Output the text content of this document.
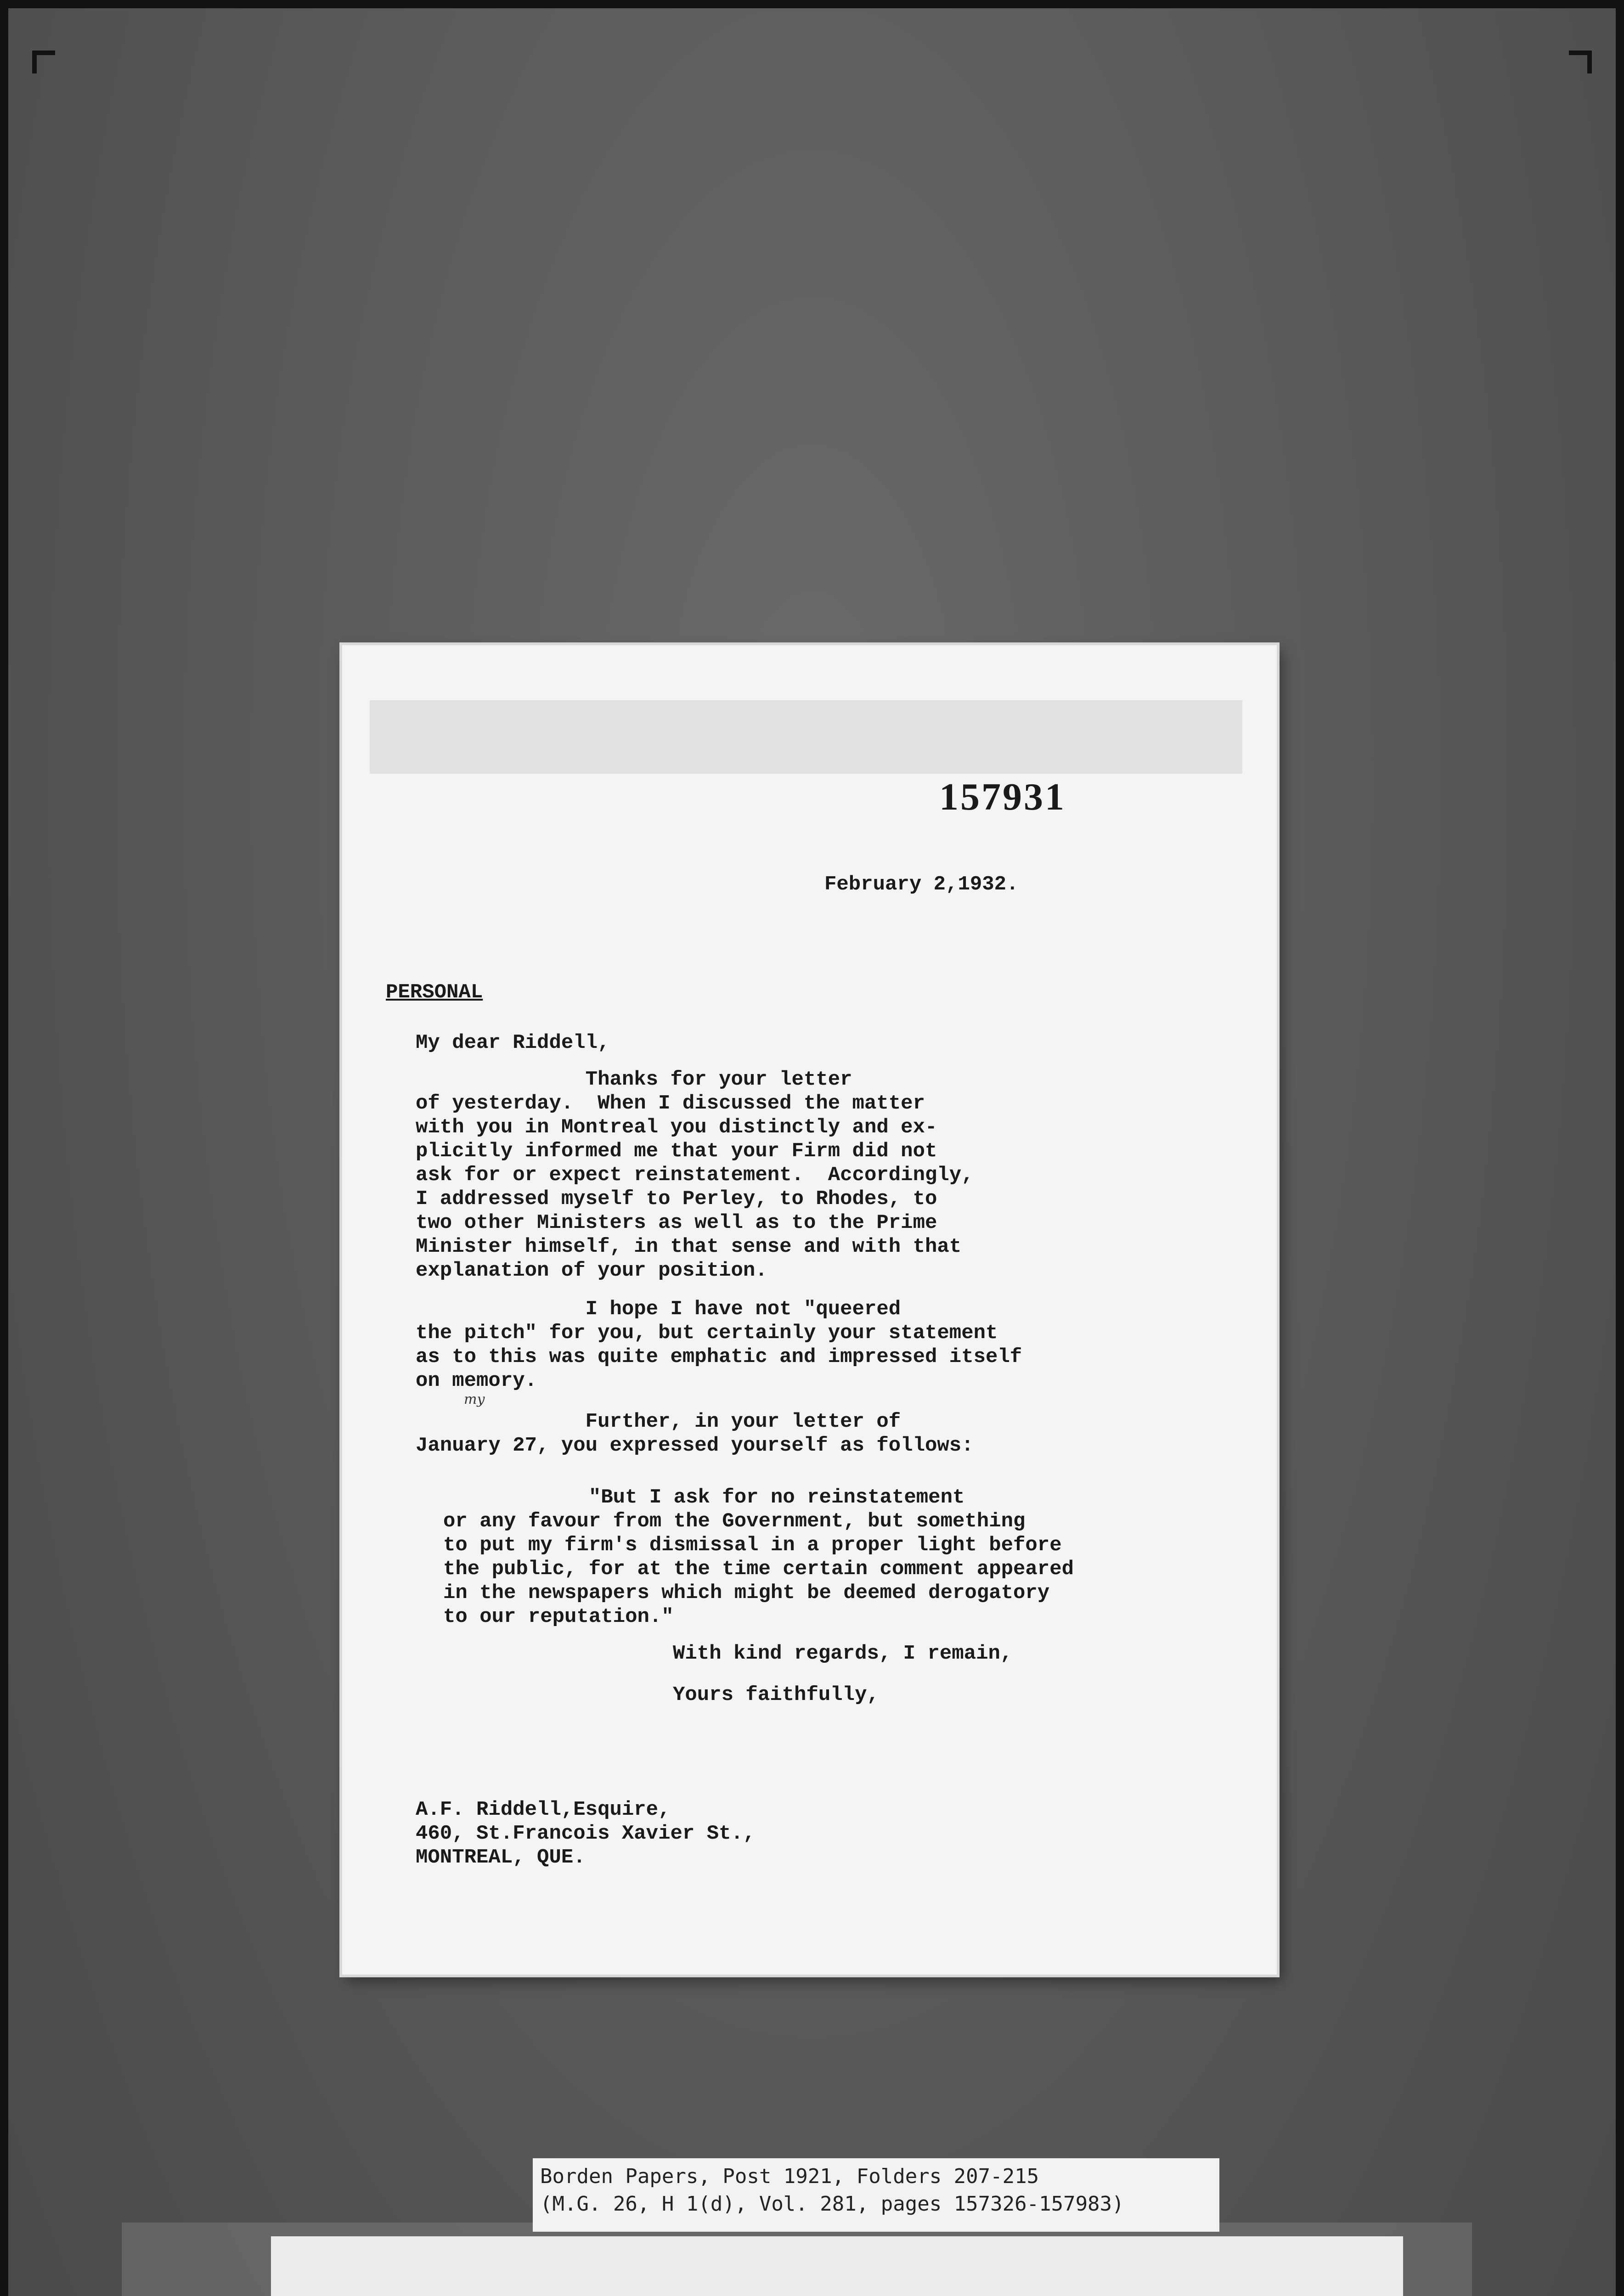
157931
February 2,1932.
PERSONAL
My dear Riddell,
Thanks for your letter
of yesterday.  When I discussed the matter
with you in Montreal you distinctly and ex-
plicitly informed me that your Firm did not
ask for or expect reinstatement.  Accordingly,
I addressed myself to Perley, to Rhodes, to
two other Ministers as well as to the Prime
Minister himself, in that sense and with that
explanation of your position.
I hope I have not "queered
the pitch" for you, but certainly your statement
as to this was quite emphatic and impressed itself
on memory.
my
Further, in your letter of
January 27, you expressed yourself as follows:
"But I ask for no reinstatement
or any favour from the Government, but something
to put my firm's dismissal in a proper light before
the public, for at the time certain comment appeared
in the newspapers which might be deemed derogatory
to our reputation."
With kind regards, I remain,
Yours faithfully,
A.F. Riddell,Esquire,
460, St.Francois Xavier St.,
MONTREAL, QUE.
Borden Papers, Post 1921, Folders 207-215
(M.G. 26, H 1(d), Vol. 281, pages 157326-157983)
